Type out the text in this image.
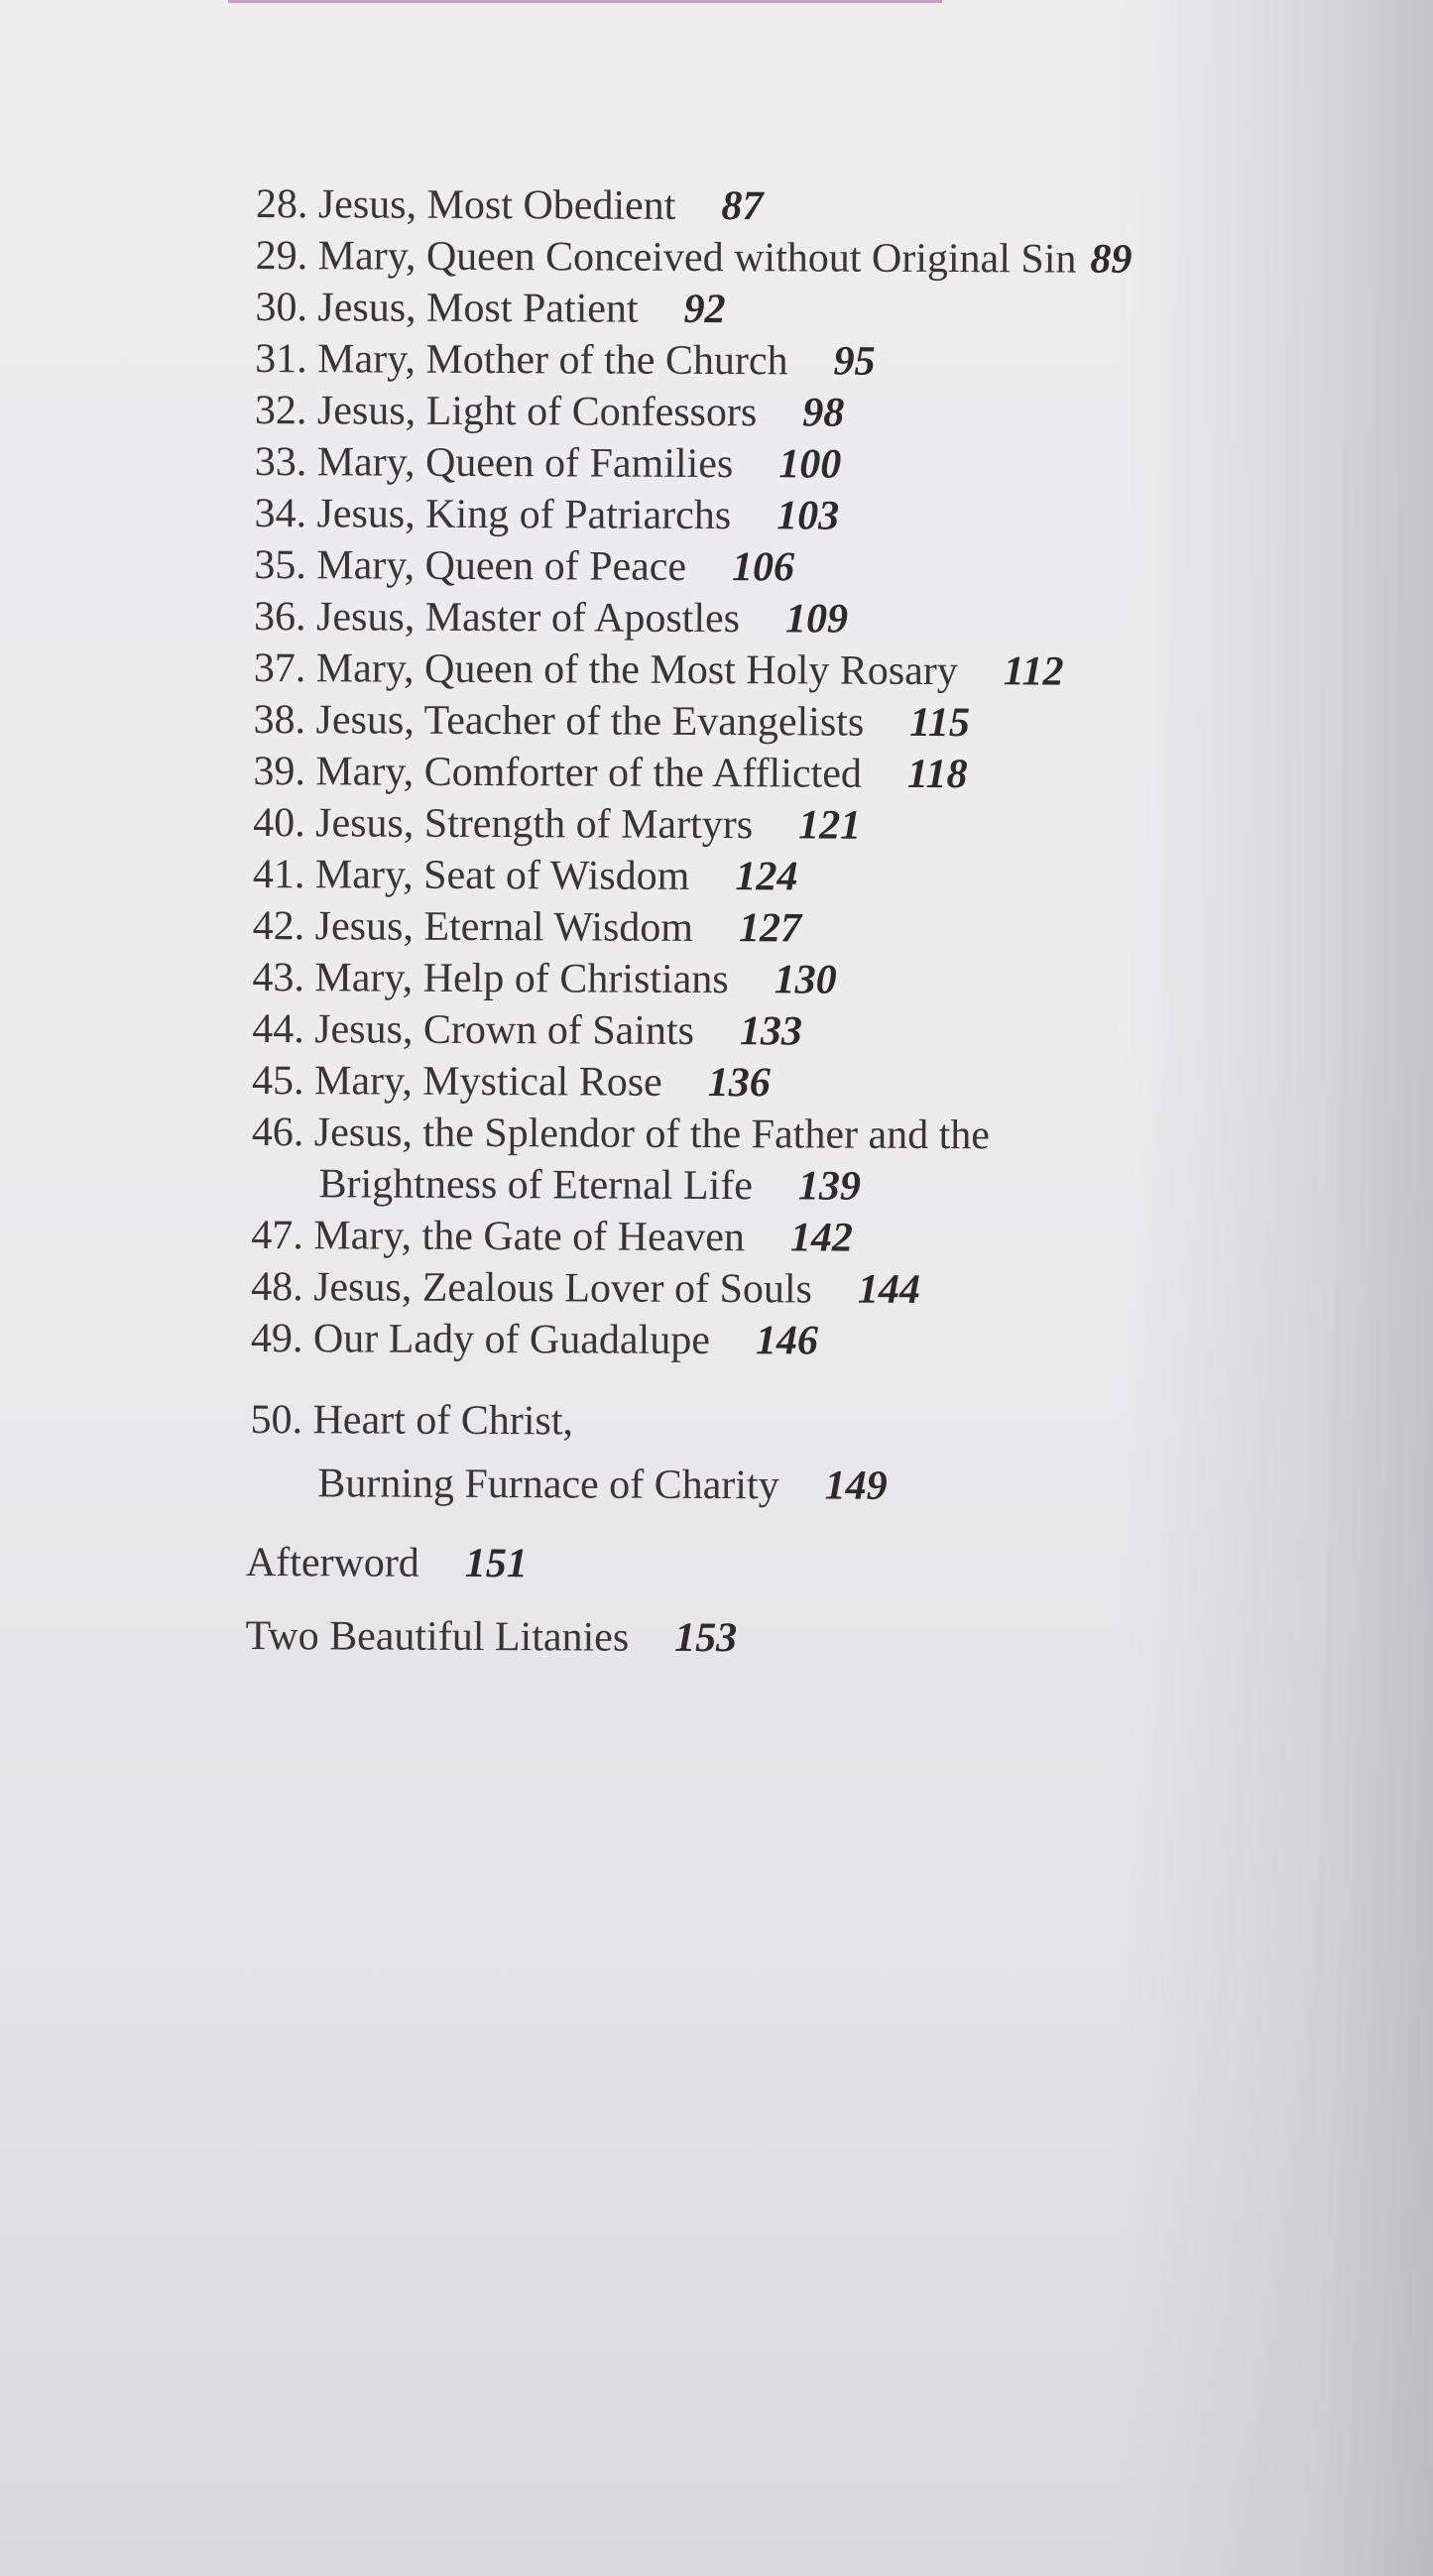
28. Jesus, Most Obedient 87
29. Mary, Queen Conceived without Original Sin 89
30. Jesus, Most Patient 92
31. Mary, Mother of the Church 95
32. Jesus, Light of Confessors 98
33. Mary, Queen of Families 100
34. Jesus, King of Patriarchs 103
35. Mary, Queen of Peace 106
36. Jesus, Master of Apostles 109
37. Mary, Queen of the Most Holy Rosary 112
38. Jesus, Teacher of the Evangelists 115
39. Mary, Comforter of the Afflicted 118
40. Jesus, Strength of Martyrs 121
41. Mary, Seat of Wisdom 124
42. Jesus, Eternal Wisdom 127
43. Mary, Help of Christians 130
44. Jesus, Crown of Saints 133
45. Mary, Mystical Rose 136
46. Jesus, the Splendor of the Father and the
Brightness of Eternal Life 139
47. Mary, the Gate of Heaven 142
48. Jesus, Zealous Lover of Souls 144
49. Our Lady of Guadalupe 146
50. Heart of Christ,
Burning Furnace of Charity 149
Afterword 151
Two Beautiful Litanies 153
